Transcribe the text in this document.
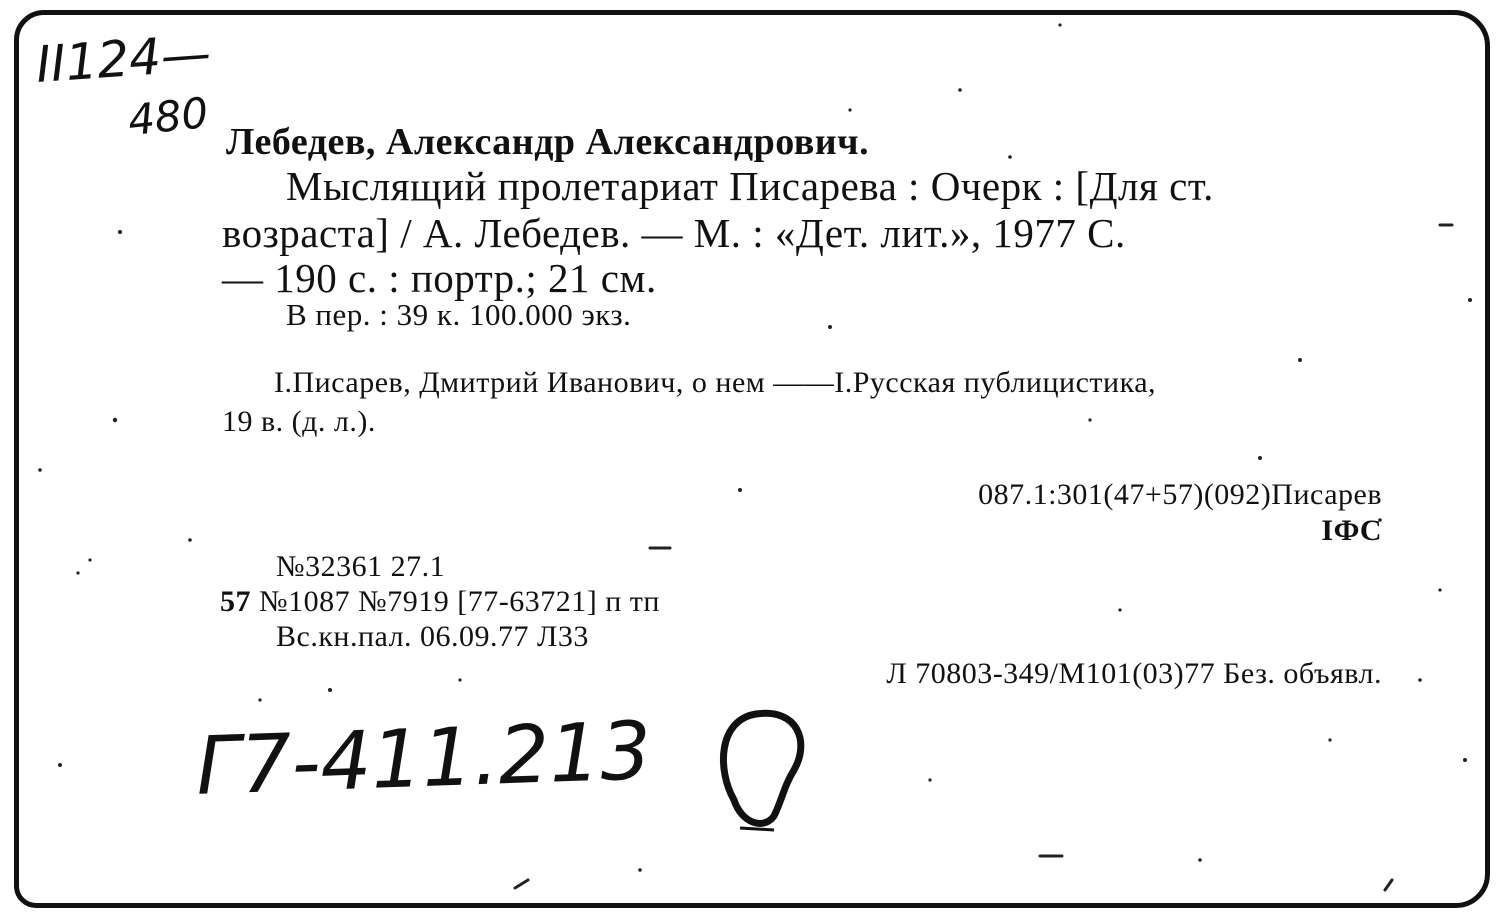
II124—
480 Лебедев, Александр Александрович.
Мыслящий пролетариат Писарева : Очерк : [Для ст.
возраста] / А. Лебедев. — М. : «Дет. лит.», 1977 С.
— 190 с. : портр.; 21 см.
В пер. : 39 к. 100.000 экз.
I.Писарев, Дмитрий Иванович, о нем ——I.Русская публицистика,
19 в. (д. л.).
087.1:301(47+57)(092)Писарев
IФС
№32361 27.1
57 №1087 №7919 [77-63721] п тп
Вс.кн.пал. 06.09.77 Л33
Л 70803-349/М101(03)77 Без. объявл.
Г7-411.213
